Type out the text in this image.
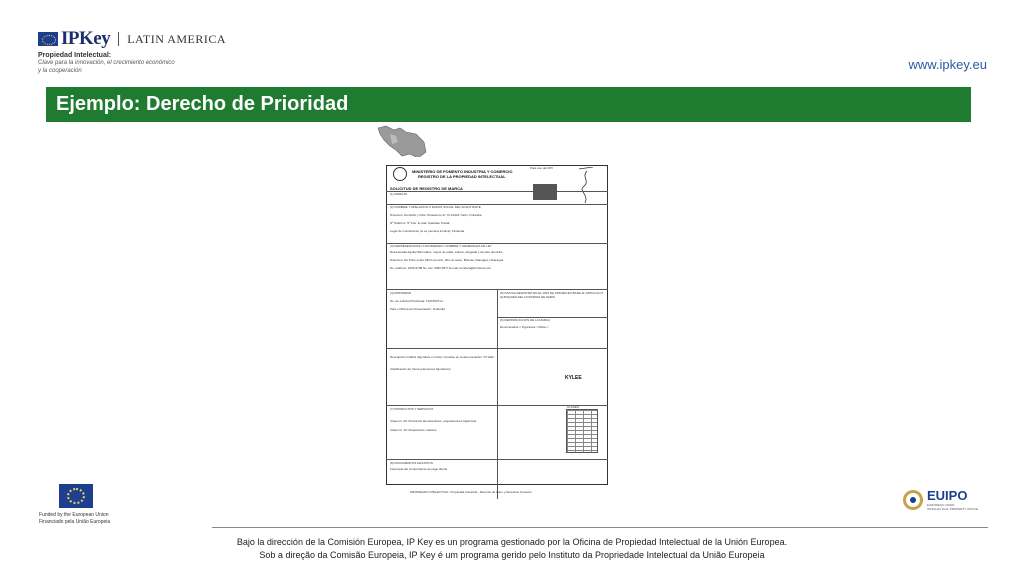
IPKey LATIN AMERICA
Propiedad Intelectual:
Clave para la innovación, el crecimiento económico
y la cooperación	www.ipkey.eu
Ejemplo: Derecho de Prioridad
MINISTERIO DE FOMENTO INDUSTRIA Y COMERCIO
REGISTRO DE LA PROPIEDAD INTELECTUAL
Para uso del RPI
SOLICITUD DE REGISTRO DE MARCA
(1) MARCAS
(2) NOMBRE Y APELLIDOS O RAZON SOCIAL DEL SOLICITANTE
Dirección, Domicilio y País: Paraviento 47, FI-20101 Turku, Finlandia
Nº Teléfono: Nº Fax: E-mail: Apartado Postal:
Lugar de Constitución (si es persona jurídica): Finlandia
(3) REPRESENTANTE O APODERADO: NOMBRE Y GENERALES DE LEY
Rosa Amalia Aguilar Bermúdez, mayor de edad, soltera, abogada y de este domicilio
Dirección: De Price smart 180m al norte, 20m al oeste, Bolonia, Managua, Nicaragua
No. teléfono: 2266-9708 No. fax: 2266-5577 E-mail: bondera@bondera.com
(4) PRIORIDAD	(5) INVOCA REGISTRO EN EL PAIS DE ORIGEN EN BASE AL ARTICULO 6 QUINQUIES DEL CONVENIO DE PARIS
Pais u Oficina de Presentación: Finlandia
No. de solicitud Prioritaria: T201650714
(6) REPRODUCCION DE LA MARCA
Denominativa □ Figurativa □ Mixta □
Descripción Gráfica (figurativa o mixta): Consiste en la denominación "KYLEE"
Clasificación de Viena (elementos figurativos)
KYLEE
(7) PRODUCTOS Y SERVICIOS
Clase Int. 09: Productos farmacéuticos, preparaciones higiénicas
Clase Int. 10: Dispositivos médicos
CLASES
(8) DOCUMENTOS ADJUNTOS
Fotocopia del comprobante de pago tiberia
PROPIEDAD INTELECTUAL: Propiedad industrial - Derecho de Autor y Derechos Conexos
Funded by the European Union
Financiado pela União Europeia
EUIPO
EUROPEAN UNION
INTELLECTUAL PROPERTY OFFICE
Bajo la dirección de la Comisión Europea, IP Key es un programa gestionado por la Oficina de Propiedad Intelectual de la Unión Europea.
Sob a direção da Comisão Europeia, IP Key é um programa gerido pelo Instituto da Propriedade Intelectual da União Europeia
